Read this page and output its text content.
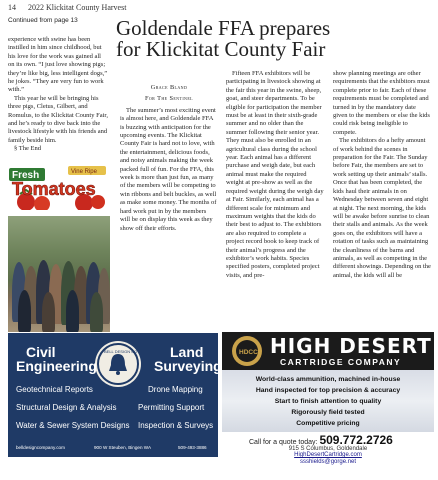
14 2022 Klickitat County Harvest
Continued from page 13 Goldendale FFA prepares for Klickitat County Fair

experience with swine has been instilled in him since childhood, but his love for the work was gained all on its own. “I just love showing pigs; they’re like big, less intelligent dogs,” he jokes. “They are very fun to work with.”

This year he will be bringing his three pigs, Cletus, Gilbert, and Romulus, to the Klickitat County Fair, and he’s ready to dive back into the livestock lifestyle with his friends and family beside him.

§ The End

Fresh	Vine Ripe
Tomatoes
Grace Bland
For The Sentinel

The summer’s most exciting event is almost here, and Goldendale FFA is buzzing with anticipation for the upcoming events. The Klickitat County Fair is hard not to love, with the entertainment, delicious foods, and noisy animals making the week packed full of fun. For the FFA, this week is more than just fun, as many of the members will be competing to win ribbons and belt buckles, as well as make some money. The months of hard work put in by the members will be on display this week as they show off their efforts.

Fifteen FFA exhibitors will be participating in livestock showing at the fair this year in the swine, sheep, goat, and steer departments. To be eligible for participation the member must be at least in their sixth-grade summer and no older than the summer following their senior year. They must also be enrolled in an agricultural class during the school year. Each animal has a different purchase and weigh date, but each animal must make the required weight at pre-show as well as the required weight during the weigh day at Fair. Similarly, each animal has a different scale for minimum and maximum weights that the kids do their best to adjust to. The exhibitors are also required to complete a project record book to keep track of their animal’s progress and the exhibitor’s work habits. Species specified posters, completed project visits, and pre-

show planning meetings are other requirements that the exhibitors must complete prior to fair. Each of these requirements must be completed and turned in by the mandatory date given to the members or else the kids could risk being ineligible to compete.

The exhibitors do a hefty amount of work behind the scenes in preparation for the Fair. The Sunday before Fair, the members are set to work setting up their animals’ stalls. Once that has been completed, the kids haul their animals in on Wednesday between seven and eight at night. The next morning, the kids will be awake before sunrise to clean their stalls and animals. As the week goes on, the exhibitors will have a rotation of tasks such as maintaining the cleanliness of the barns and animals, as well as competing in the different showings. Depending on the animal, the kids will all be

BELL DESIGN CO
Civil
Engineering
Land
Surveying
Geotechnical Reports	Drone Mapping
Structural Design & Analysis	Permitting Support
Water & Sewer System Designs Inspection & Surveys
belldesigncompany.com	900 W Steuben, Bingen WA	509-493-3886
HDCC HIGH DESERT
CARTRIDGE COMPANY
World-class ammunition, machined in-house
Hand inspected for top precision & accuracy
Start to finish attention to quality
Rigorously field tested
Competitive pricing
Call for a quote today: 509.772.2726
915 S Columbus, Goldendale
HighDesertCartridge.com
ssshields@gorge.net
